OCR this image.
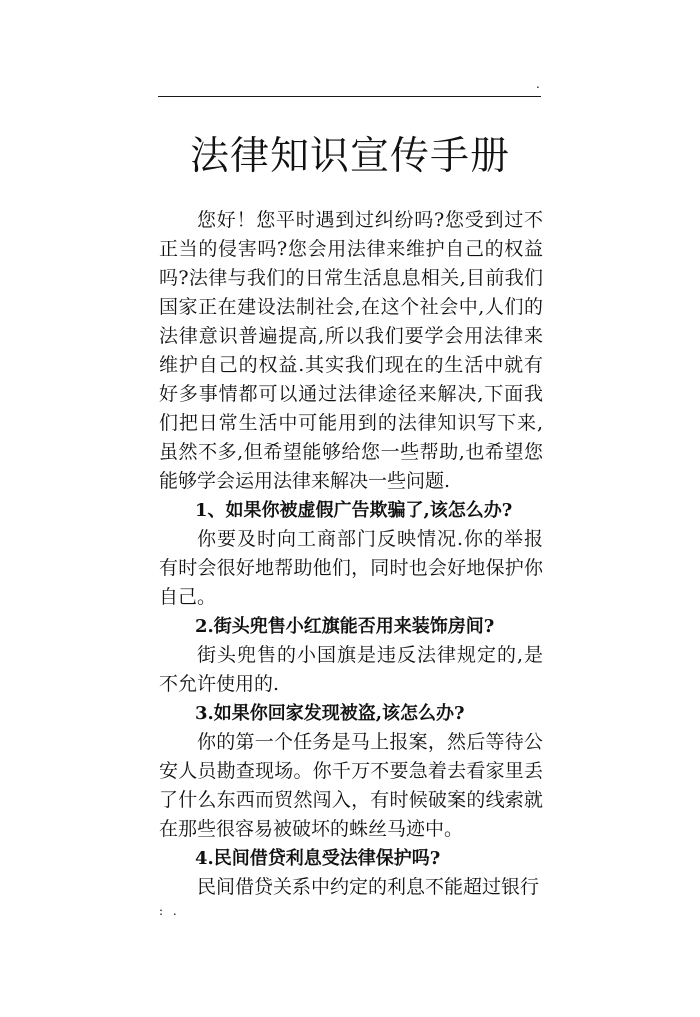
.
法律知识宣传手册

您好！您平时遇到过纠纷吗?您受到过不正当的侵害吗?您会用法律来维护自己的权益吗?法律与我们的日常生活息息相关,目前我们国家正在建设法制社会,在这个社会中,人们的法律意识普遍提高,所以我们要学会用法律来维护自己的权益.其实我们现在的生活中就有好多事情都可以通过法律途径来解决,下面我们把日常生活中可能用到的法律知识写下来,虽然不多,但希望能够给您一些帮助,也希望您能够学会运用法律来解决一些问题.

1、如果你被虚假广告欺骗了,该怎么办?

你要及时向工商部门反映情况.你的举报有时会很好地帮助他们，同时也会好地保护你自己。

2.街头兜售小红旗能否用来装饰房间?

街头兜售的小国旗是违反法律规定的,是不允许使用的.

3.如果你回家发现被盗,该怎么办?

你的第一个任务是马上报案，然后等待公安人员勘查现场。你千万不要急着去看家里丢了什么东西而贸然闯入，有时候破案的线索就在那些很容易被破坏的蛛丝马迹中。

4.民间借贷利息受法律保护吗?

民间借贷关系中约定的利息不能超过银行

: .
